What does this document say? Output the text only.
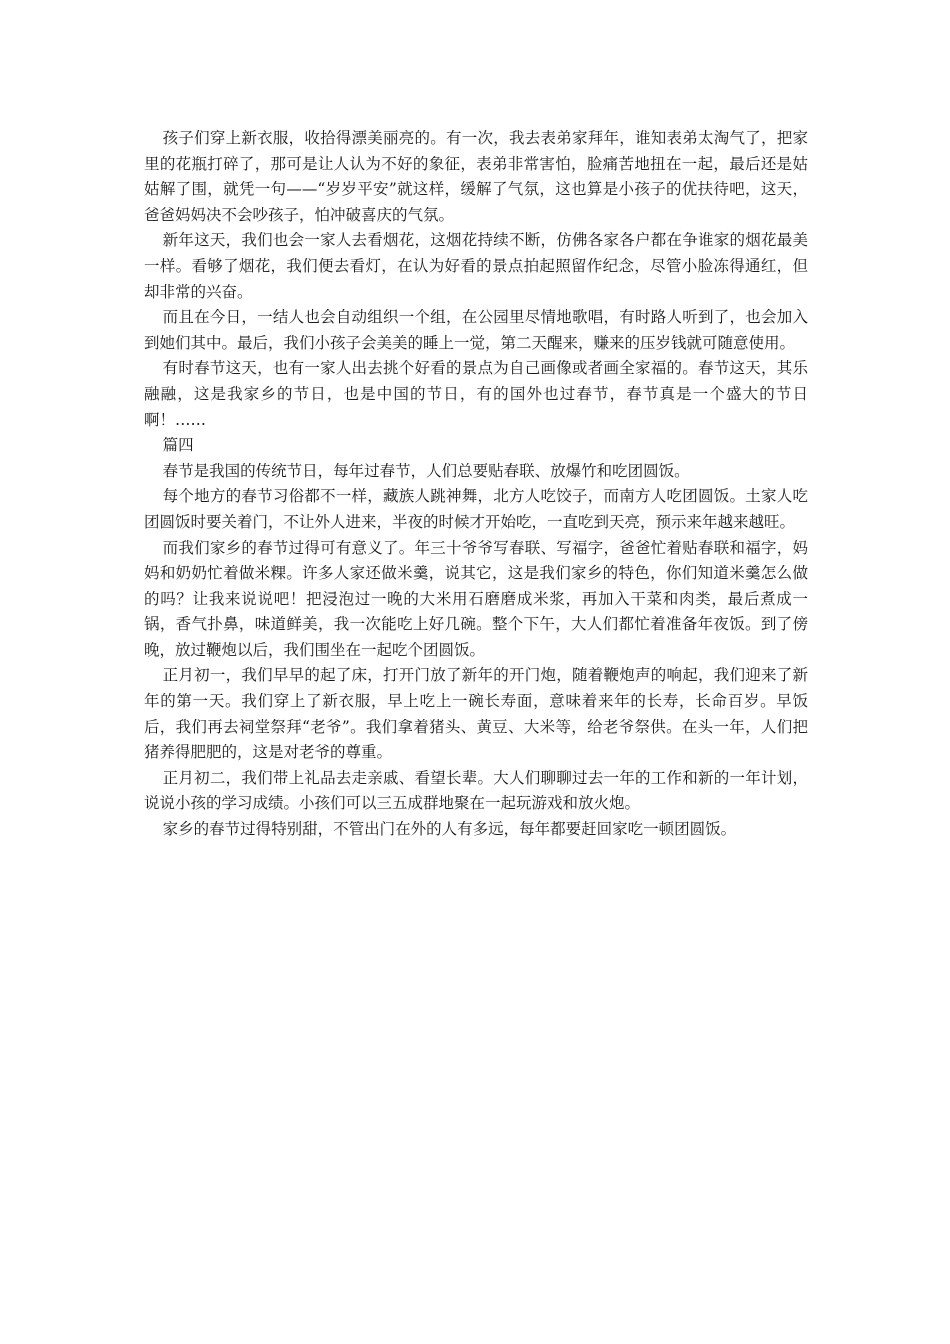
孩子们穿上新衣服，收拾得漂美丽亮的。有一次，我去表弟家拜年，谁知表弟太淘气了，把家里的花瓶打碎了，那可是让人认为不好的象征，表弟非常害怕，脸痛苦地扭在一起，最后还是姑姑解了围，就凭一句——“岁岁平安”就这样，缓解了气氛，这也算是小孩子的优扶待吧，这天，爸爸妈妈决不会吵孩子，怕冲破喜庆的气氛。

新年这天，我们也会一家人去看烟花，这烟花持续不断，仿佛各家各户都在争谁家的烟花最美一样。看够了烟花，我们便去看灯，在认为好看的景点拍起照留作纪念，尽管小脸冻得通红，但却非常的兴奋。

而且在今日，一结人也会自动组织一个组，在公园里尽情地歌唱，有时路人听到了，也会加入到她们其中。最后，我们小孩子会美美的睡上一觉，第二天醒来，赚来的压岁钱就可随意使用。

有时春节这天，也有一家人出去挑个好看的景点为自己画像或者画全家福的。春节这天，其乐融融，这是我家乡的节日，也是中国的节日，有的国外也过春节，春节真是一个盛大的节日啊！……

篇四

春节是我国的传统节日，每年过春节，人们总要贴春联、放爆竹和吃团圆饭。

每个地方的春节习俗都不一样，藏族人跳神舞，北方人吃饺子，而南方人吃团圆饭。土家人吃团圆饭时要关着门，不让外人进来，半夜的时候才开始吃，一直吃到天亮，预示来年越来越旺。

而我们家乡的春节过得可有意义了。年三十爷爷写春联、写福字，爸爸忙着贴春联和福字，妈妈和奶奶忙着做米粿。许多人家还做米羹，说其它，这是我们家乡的特色，你们知道米羹怎么做的吗？让我来说说吧！把浸泡过一晚的大米用石磨磨成米浆，再加入干菜和肉类，最后煮成一锅，香气扑鼻，味道鲜美，我一次能吃上好几碗。整个下午，大人们都忙着准备年夜饭。到了傍晚，放过鞭炮以后，我们围坐在一起吃个团圆饭。

正月初一，我们早早的起了床，打开门放了新年的开门炮，随着鞭炮声的响起，我们迎来了新年的第一天。我们穿上了新衣服，早上吃上一碗长寿面，意味着来年的长寿，长命百岁。早饭后，我们再去祠堂祭拜“老爷”。我们拿着猪头、黄豆、大米等，给老爷祭供。在头一年，人们把猪养得肥肥的，这是对老爷的尊重。

正月初二，我们带上礼品去走亲戚、看望长辈。大人们聊聊过去一年的工作和新的一年计划，说说小孩的学习成绩。小孩们可以三五成群地聚在一起玩游戏和放火炮。

家乡的春节过得特别甜，不管出门在外的人有多远，每年都要赶回家吃一顿团圆饭。
